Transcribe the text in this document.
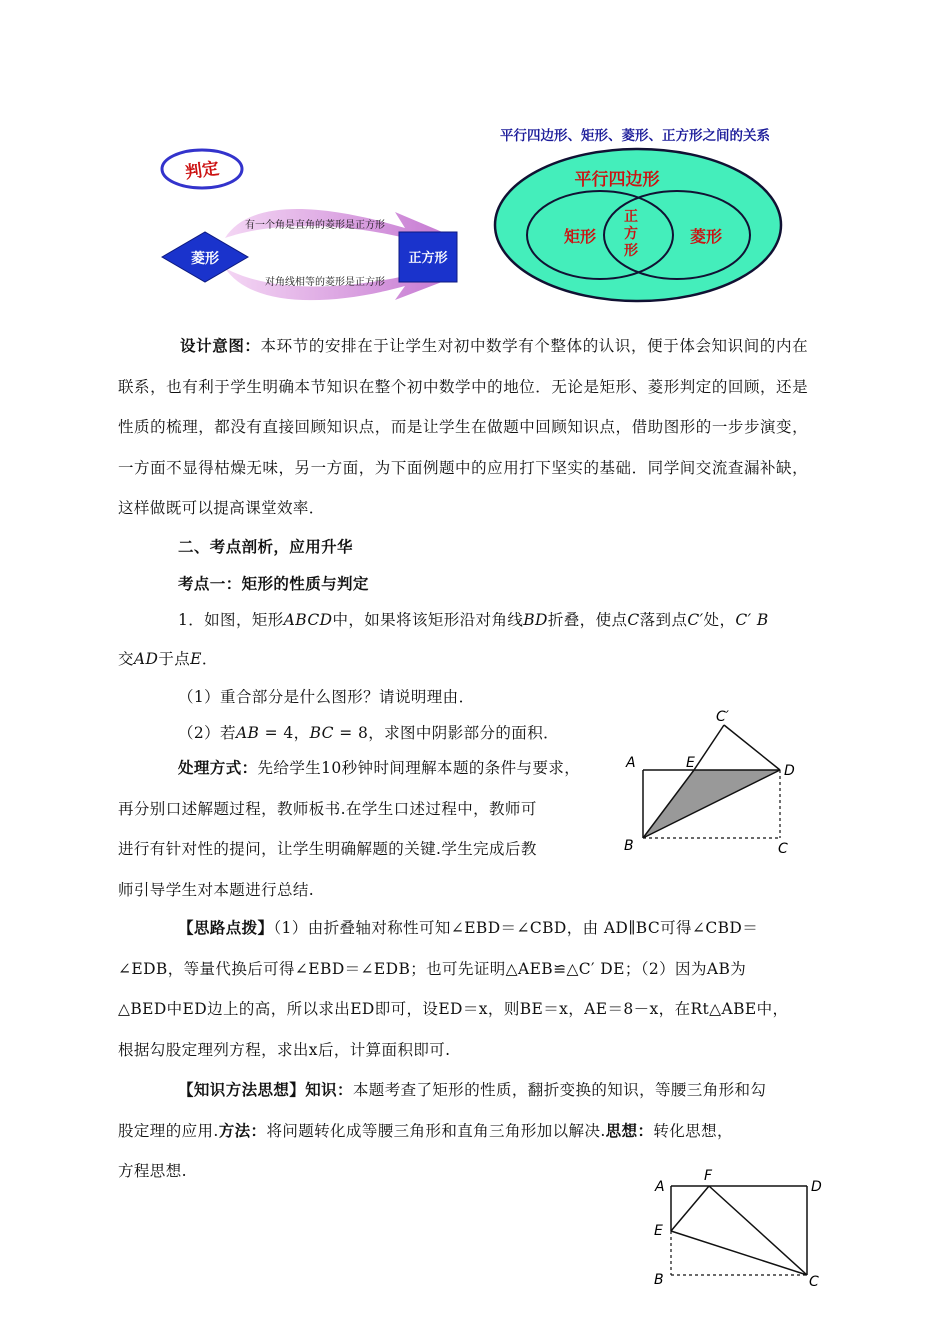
判定
有一个角是直角的菱形是正方形
对角线相等的菱形是正方形
菱形	正方形
平行四边形、矩形、菱形、正方形之间的关系
平行四边形
矩形	菱形
正
方
形
设计意图：本环节的安排在于让学生对初中数学有个整体的认识，便于体会知识间的内在联系，也有利于学生明确本节知识在整个初中数学中的地位．无论是矩形、菱形判定的回顾，还是性质的梳理，都没有直接回顾知识点，而是让学生在做题中回顾知识点，借助图形的一步步演变，一方面不显得枯燥无味，另一方面，为下面例题中的应用打下坚实的基础．同学间交流查漏补缺，这样做既可以提高课堂效率．
二、考点剖析，应用升华
考点一：矩形的性质与判定
1．如图，矩形ABCD中，如果将该矩形沿对角线BD折叠，使点C落到点C′处，C′ B
交AD于点E．
（1）重合部分是什么图形？请说明理由．
（2）若AB = 4，BC = 8，求图中阴影部分的面积．
处理方式：先给学生10秒钟时间理解本题的条件与要求，
再分别口述解题过程，教师板书.在学生口述过程中，教师可
进行有针对性的提问，让学生明确解题的关键.学生完成后教
师引导学生对本题进行总结.
A	E
C′
D
B	C
【思路点拨】（1）由折叠轴对称性可知∠EBD＝∠CBD，由 AD∥BC可得∠CBD＝
∠EDB，等量代换后可得∠EBD＝∠EDB；也可先证明△AEB≌△C′ DE；（2）因为AB为
△BED中ED边上的高，所以求出ED即可，设ED＝x，则BE＝x，AE＝8－x，在Rt△ABE中，
根据勾股定理列方程，求出x后，计算面积即可.
【知识方法思想】知识：本题考查了矩形的性质，翻折变换的知识，等腰三角形和勾
股定理的应用.方法：将问题转化成等腰三角形和直角三角形加以解决.思想：转化思想，
方程思想.
A
F
D
E
B	C
